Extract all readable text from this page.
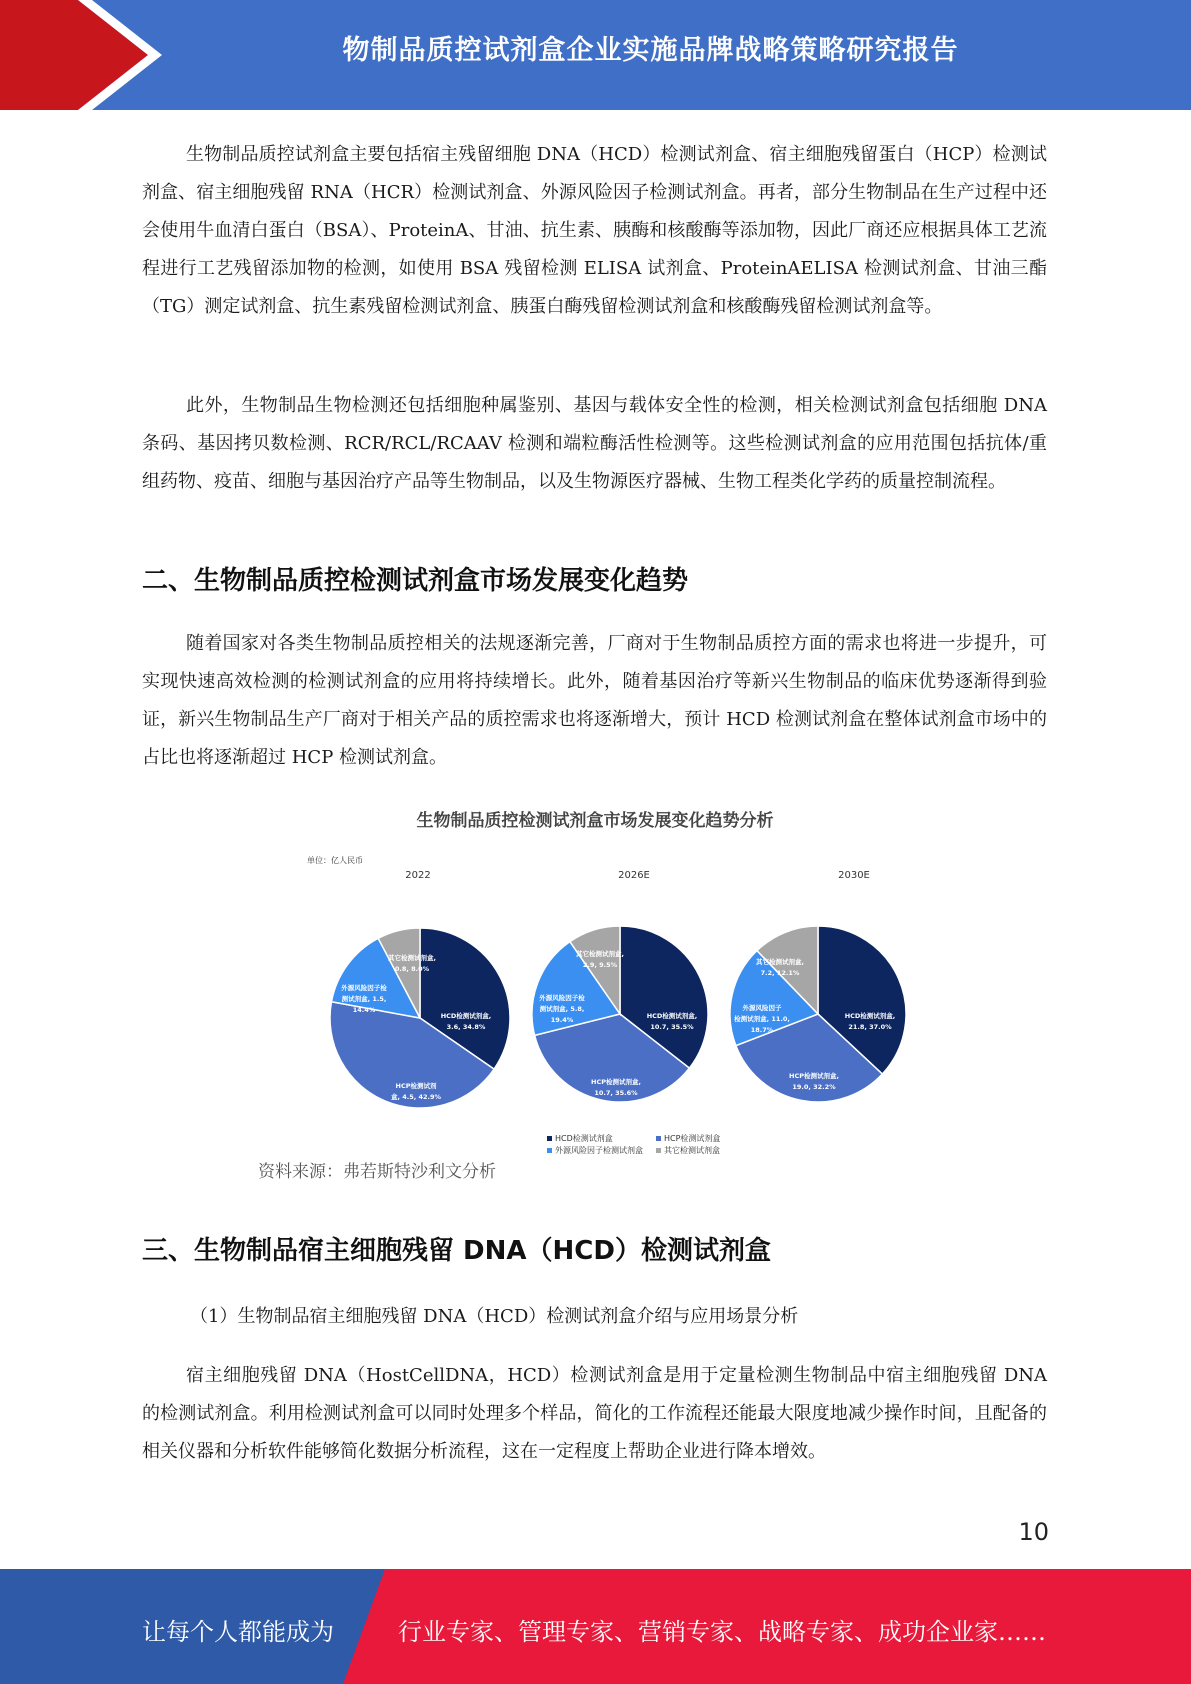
物制品质控试剂盒企业实施品牌战略策略研究报告

生物制品质控试剂盒主要包括宿主残留细胞 DNA（HCD）检测试剂盒、宿主细胞残留蛋白（HCP）检测试剂盒、宿主细胞残留 RNA（HCR）检测试剂盒、外源风险因子检测试剂盒。再者，部分生物制品在生产过程中还会使用牛血清白蛋白（BSA）、ProteinA、甘油、抗生素、胰酶和核酸酶等添加物，因此厂商还应根据具体工艺流程进行工艺残留添加物的检测，如使用 BSA 残留检测 ELISA 试剂盒、ProteinAELISA 检测试剂盒、甘油三酯（TG）测定试剂盒、抗生素残留检测试剂盒、胰蛋白酶残留检测试剂盒和核酸酶残留检测试剂盒等。

此外，生物制品生物检测还包括细胞种属鉴别、基因与载体安全性的检测，相关检测试剂盒包括细胞 DNA 条码、基因拷贝数检测、RCR/RCL/RCAAV 检测和端粒酶活性检测等。这些检测试剂盒的应用范围包括抗体/重组药物、疫苗、细胞与基因治疗产品等生物制品，以及生物源医疗器械、生物工程类化学药的质量控制流程。

二、生物制品质控检测试剂盒市场发展变化趋势

随着国家对各类生物制品质控相关的法规逐渐完善，厂商对于生物制品质控方面的需求也将进一步提升，可实现快速高效检测的检测试剂盒的应用将持续增长。此外，随着基因治疗等新兴生物制品的临床优势逐渐得到验证，新兴生物制品生产厂商对于相关产品的质控需求也将逐渐增大，预计 HCD 检测试剂盒在整体试剂盒市场中的占比也将逐渐超过 HCP 检测试剂盒。

生物制品质控检测试剂盒市场发展变化趋势分析
单位：亿人民币
2022	2026E	2030E
HCD检测试剂盒,
3.6, 34.8%
HCP检测试剂
盒, 4.5, 42.9%
外源风险因子检
测试剂盒, 1.5,
14.4%
其它检测试剂盒,
0.8, 8.0%
HCD检测试剂盒,
10.7, 35.5%
HCP检测试剂盒,
10.7, 35.6%
外源风险因子检
测试剂盒, 5.8,
19.4%
其它检测试剂盒,
2.9, 9.5%
HCD检测试剂盒,
21.8, 37.0%
HCP检测试剂盒,
19.0, 32.2%
外源风险因子
检测试剂盒, 11.0,
18.7%
其它检测试剂盒,
7.2, 12.1%
HCD检测试剂盒
外源风险因子检测试剂盒
HCP检测试剂盒
其它检测试剂盒
资料来源：弗若斯特沙利文分析
三、生物制品宿主细胞残留 DNA（HCD）检测试剂盒

（1）生物制品宿主细胞残留 DNA（HCD）检测试剂盒介绍与应用场景分析

宿主细胞残留 DNA（HostCellDNA，HCD）检测试剂盒是用于定量检测生物制品中宿主细胞残留 DNA 的检测试剂盒。利用检测试剂盒可以同时处理多个样品，简化的工作流程还能最大限度地减少操作时间，且配备的相关仪器和分析软件能够简化数据分析流程，这在一定程度上帮助企业进行降本增效。

10
让每个人都能成为	行业专家、管理专家、营销专家、战略专家、成功企业家……
